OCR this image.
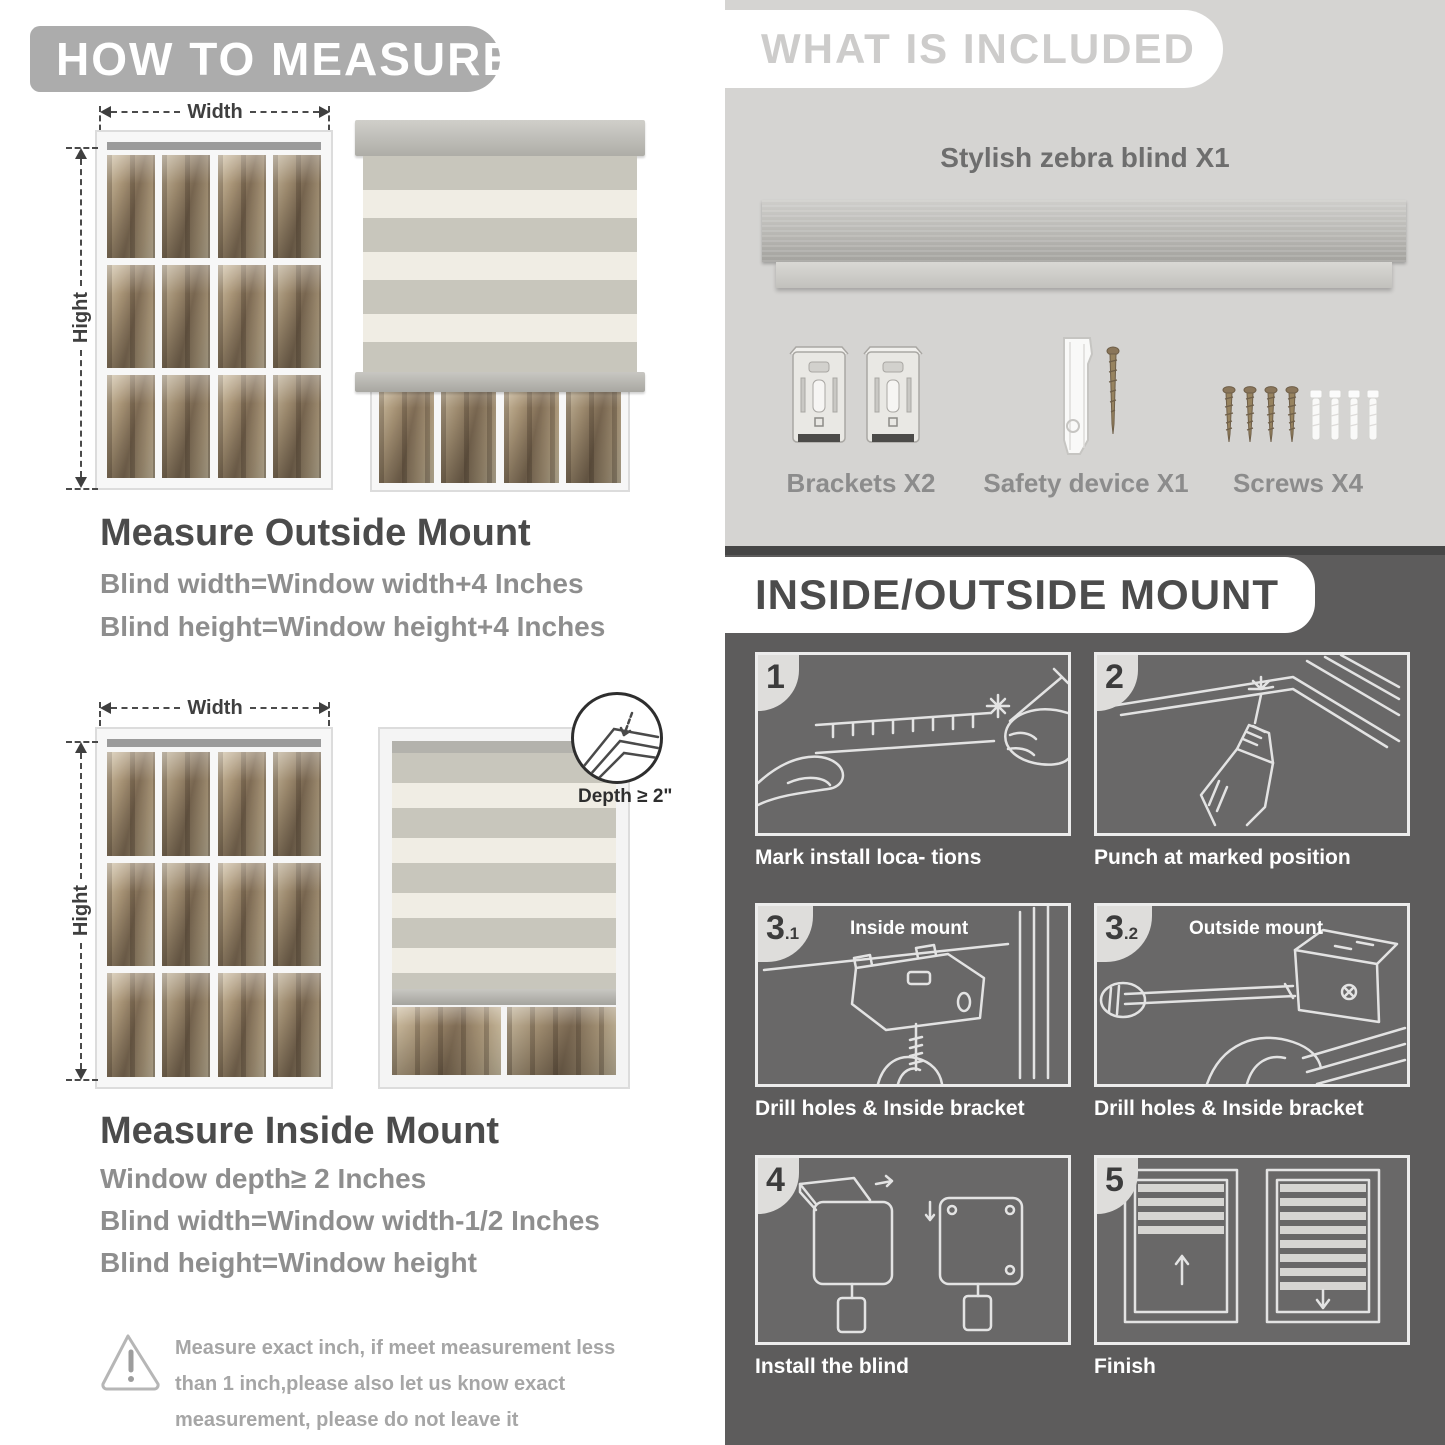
HOW TO MEASURE
Width
Hight
Measure Outside Mount
Blind width=Window width+4 Inches
Blind height=Window height+4 Inches
Width
Hight
Depth ≥ 2"
Measure Inside Mount
Window depth≥ 2 Inches
Blind width=Window width-1/2 Inches
Blind height=Window height
Measure exact inch, if meet measurement less
than 1 inch,please also let us know exact
measurement, please do not leave it
WHAT IS INCLUDED
Stylish zebra blind X1
Brackets X2	Safety device X1	Screws X4
INSIDE/OUTSIDE MOUNT
1
Mark install loca- tions
2
Punch at marked position
3.1	Inside mount
Drill holes & Inside bracket
3.2	Outside mount
Drill holes & Inside bracket
4
Install the blind
5
Finish
